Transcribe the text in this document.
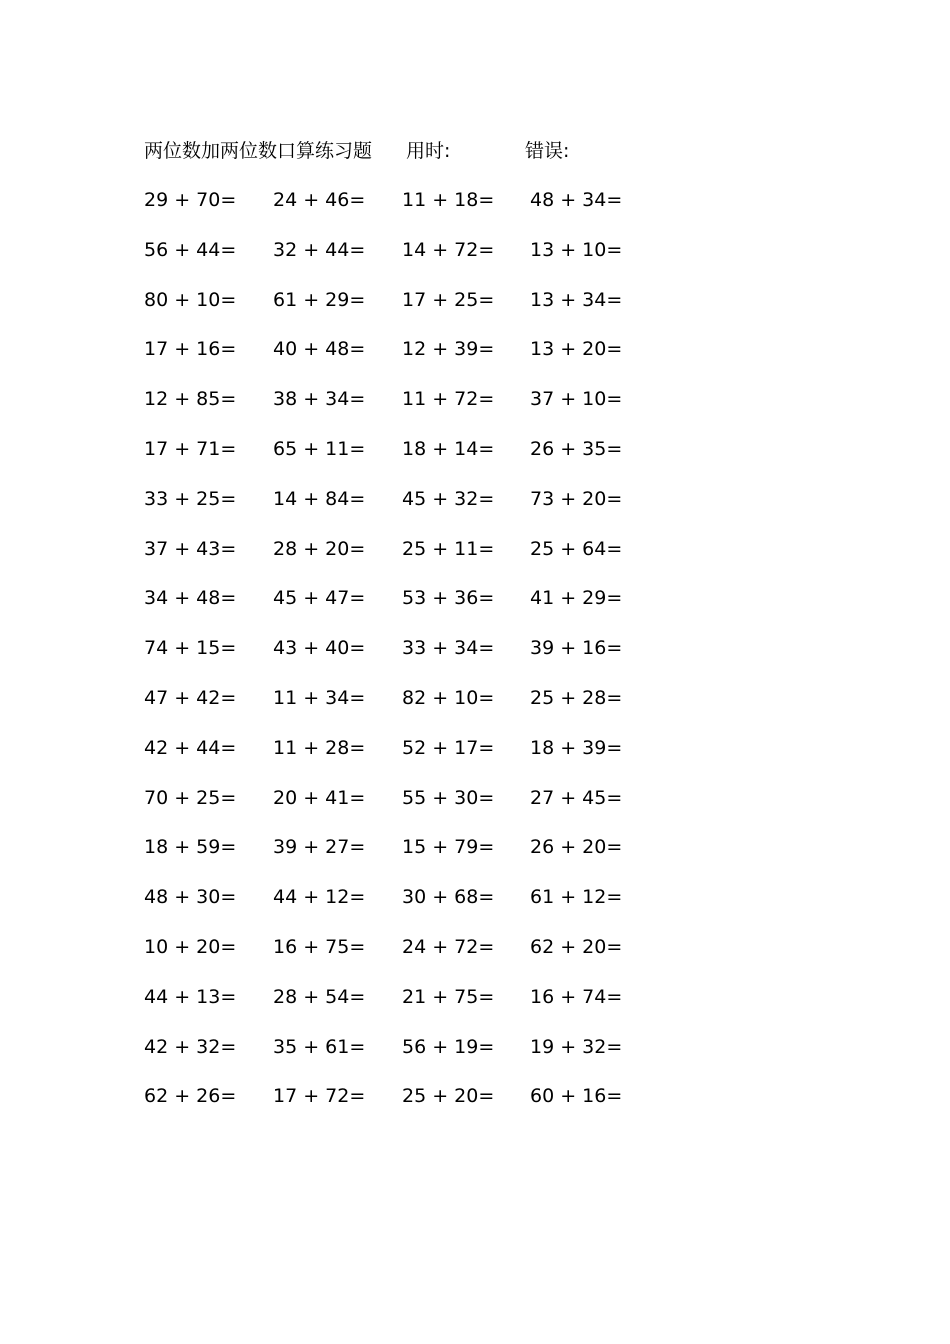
两位数加两位数口算练习题 用时:	错误:
29 + 70= 24 + 46= 11 + 18= 48 + 34=
56 + 44= 32 + 44= 14 + 72= 13 + 10=
80 + 10= 61 + 29= 17 + 25= 13 + 34=
17 + 16= 40 + 48= 12 + 39= 13 + 20=
12 + 85= 38 + 34= 11 + 72= 37 + 10=
17 + 71= 65 + 11= 18 + 14= 26 + 35=
33 + 25= 14 + 84= 45 + 32= 73 + 20=
37 + 43= 28 + 20= 25 + 11= 25 + 64=
34 + 48= 45 + 47= 53 + 36= 41 + 29=
74 + 15= 43 + 40= 33 + 34= 39 + 16=
47 + 42= 11 + 34= 82 + 10= 25 + 28=
42 + 44= 11 + 28= 52 + 17= 18 + 39=
70 + 25= 20 + 41= 55 + 30= 27 + 45=
18 + 59= 39 + 27= 15 + 79= 26 + 20=
48 + 30= 44 + 12= 30 + 68= 61 + 12=
10 + 20= 16 + 75= 24 + 72= 62 + 20=
44 + 13= 28 + 54= 21 + 75= 16 + 74=
42 + 32= 35 + 61= 56 + 19= 19 + 32=
62 + 26= 17 + 72= 25 + 20= 60 + 16=
